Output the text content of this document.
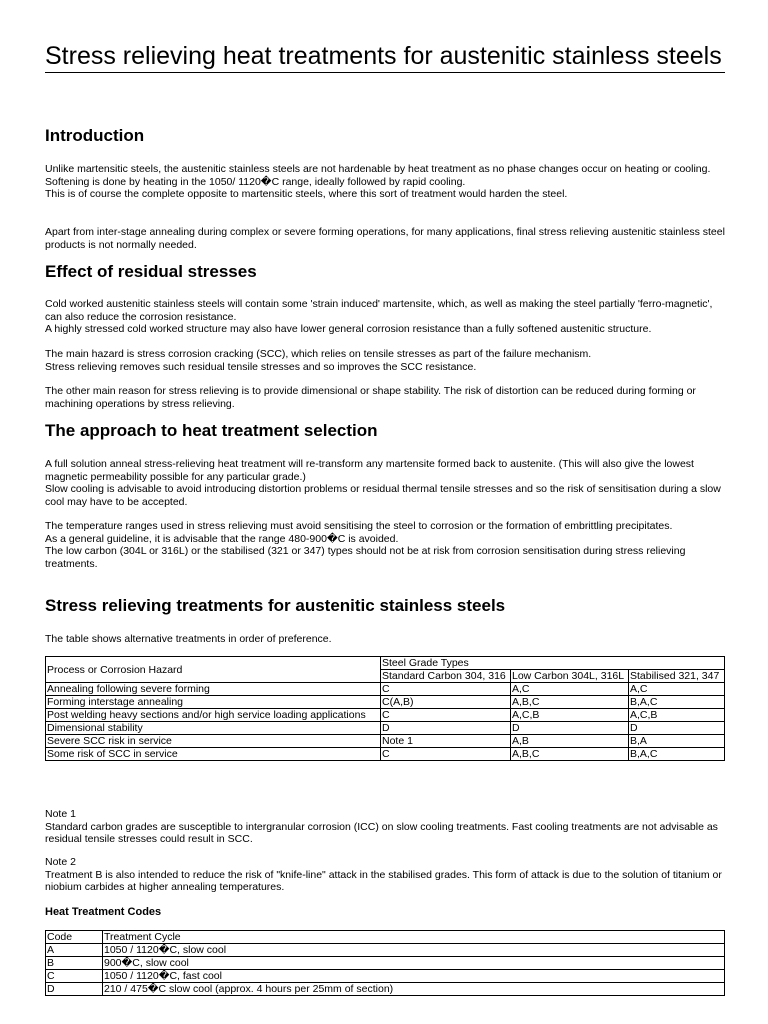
Stress relieving heat treatments for austenitic stainless steels
Introduction

Unlike martensitic steels, the austenitic stainless steels are not hardenable by heat treatment as no phase changes occur on heating or cooling.

Softening is done by heating in the 1050/ 1120�C range, ideally followed by rapid cooling.

This is of course the complete opposite to martensitic steels, where this sort of treatment would harden the steel.

Apart from inter-stage annealing during complex or severe forming operations, for many applications, final stress relieving austenitic stainless steel products is not normally needed.

Effect of residual stresses

Cold worked austenitic stainless steels will contain some 'strain induced' martensite, which, as well as making the steel partially 'ferro-magnetic', can also reduce the corrosion resistance.

A highly stressed cold worked structure may also have lower general corrosion resistance than a fully softened austenitic structure.

The main hazard is stress corrosion cracking (SCC), which relies on tensile stresses as part of the failure mechanism.

Stress relieving removes such residual tensile stresses and so improves the SCC resistance.

The other main reason for stress relieving is to provide dimensional or shape stability. The risk of distortion can be reduced during forming or machining operations by stress relieving.

The approach to heat treatment selection

A full solution anneal stress-relieving heat treatment will re-transform any martensite formed back to austenite. (This will also give the lowest magnetic permeability possible for any particular grade.)

Slow cooling is advisable to avoid introducing distortion problems or residual thermal tensile stresses and so the risk of sensitisation during a slow cool may have to be accepted.

The temperature ranges used in stress relieving must avoid sensitising the steel to corrosion or the formation of embrittling precipitates.

As a general guideline, it is advisable that the range 480-900�C is avoided.

The low carbon (304L or 316L) or the stabilised (321 or 347) types should not be at risk from corrosion sensitisation during stress relieving treatments.

Stress relieving treatments for austenitic stainless steels

The table shows alternative treatments in order of preference.

Process or Corrosion Hazard	Steel Grade Types		
	Standard Carbon 304, 316	Low Carbon 304L, 316L	Stabilised 321, 347
Annealing following severe forming	C	A,C	A,C
Forming interstage annealing	C(A,B)	A,B,C	B,A,C
Post welding heavy sections and/or high service loading applications	C	A,C,B	A,C,B
Dimensional stability	D	D	D
Severe SCC risk in service	Note 1	A,B	B,A
Some risk of SCC in service	C	A,B,C	B,A,C

Note 1

Standard carbon grades are susceptible to intergranular corrosion (ICC) on slow cooling treatments. Fast cooling treatments are not advisable as residual tensile stresses could result in SCC.

Note 2

Treatment B is also intended to reduce the risk of "knife-line" attack in the stabilised grades. This form of attack is due to the solution of titanium or niobium carbides at higher annealing temperatures.

Heat Treatment Codes
Code	Treatment Cycle
A	1050 / 1120�C, slow cool
B	900�C, slow cool
C	1050 / 1120�C, fast cool
D	210 / 475�C slow cool (approx. 4 hours per 25mm of section)
